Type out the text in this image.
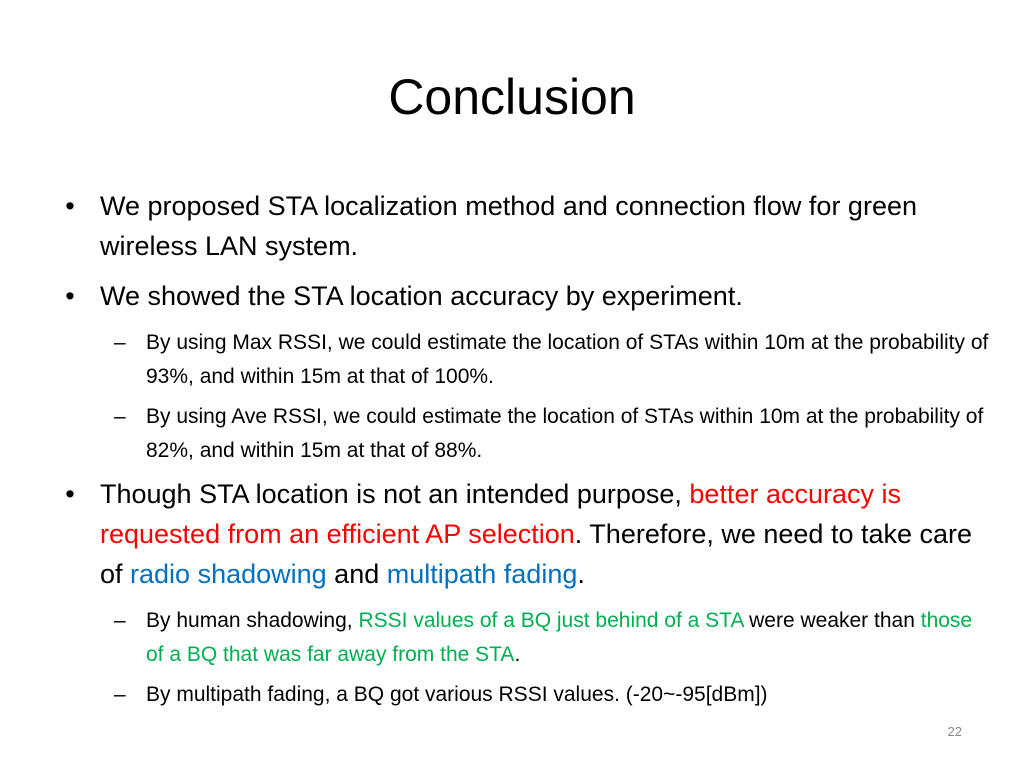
Conclusion
• We proposed STA localization method and connection flow for green wireless LAN system.
• We showed the STA location accuracy by experiment.
– By using Max RSSI, we could estimate the location of STAs within 10m at the probability of 93%, and within 15m at that of 100%.
– By using Ave RSSI, we could estimate the location of STAs within 10m at the probability of 82%, and within 15m at that of 88%.
• Though STA location is not an intended purpose, better accuracy is requested from an efficient AP selection. Therefore, we need to take care of radio shadowing and multipath fading.
– By human shadowing, RSSI values of a BQ just behind of a STA were weaker than those of a BQ that was far away from the STA.
– By multipath fading, a BQ got various RSSI values. (-20~-95[dBm])
22
